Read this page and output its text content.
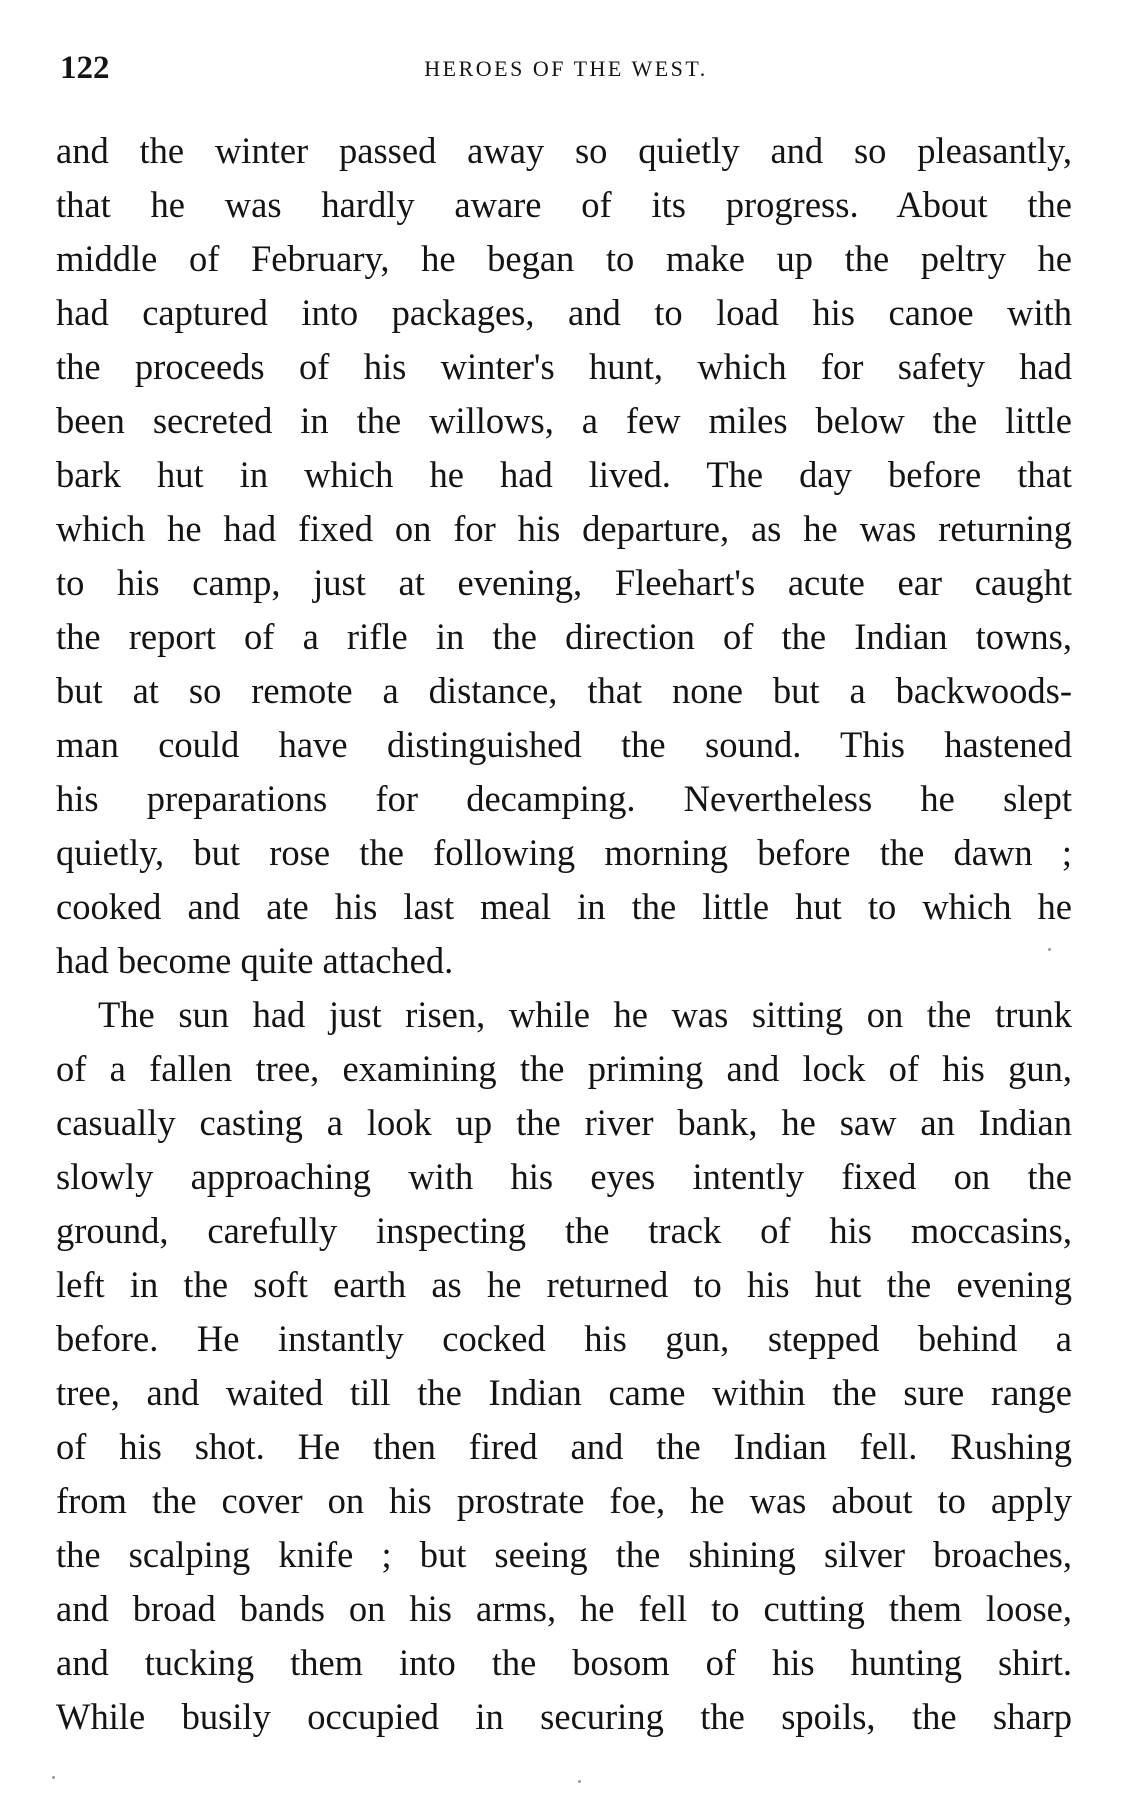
122	HEROES OF THE WEST.
and the winter passed away so quietly and so pleasantly,
that he was hardly aware of its progress. About the
middle of February, he began to make up the peltry he
had captured into packages, and to load his canoe with
the proceeds of his winter's hunt, which for safety had
been secreted in the willows, a few miles below the little
bark hut in which he had lived. The day before that
which he had fixed on for his departure, as he was returning
to his camp, just at evening, Fleehart's acute ear caught
the report of a rifle in the direction of the Indian towns,
but at so remote a distance, that none but a backwoods-
man could have distinguished the sound. This hastened
his preparations for decamping. Nevertheless he slept
quietly, but rose the following morning before the dawn ;
cooked and ate his last meal in the little hut to which he
had become quite attached.
The sun had just risen, while he was sitting on the trunk
of a fallen tree, examining the priming and lock of his gun,
casually casting a look up the river bank, he saw an Indian
slowly approaching with his eyes intently fixed on the
ground, carefully inspecting the track of his moccasins,
left in the soft earth as he returned to his hut the evening
before. He instantly cocked his gun, stepped behind a
tree, and waited till the Indian came within the sure range
of his shot. He then fired and the Indian fell. Rushing
from the cover on his prostrate foe, he was about to apply
the scalping knife ; but seeing the shining silver broaches,
and broad bands on his arms, he fell to cutting them loose,
and tucking them into the bosom of his hunting shirt.
While busily occupied in securing the spoils, the sharp
